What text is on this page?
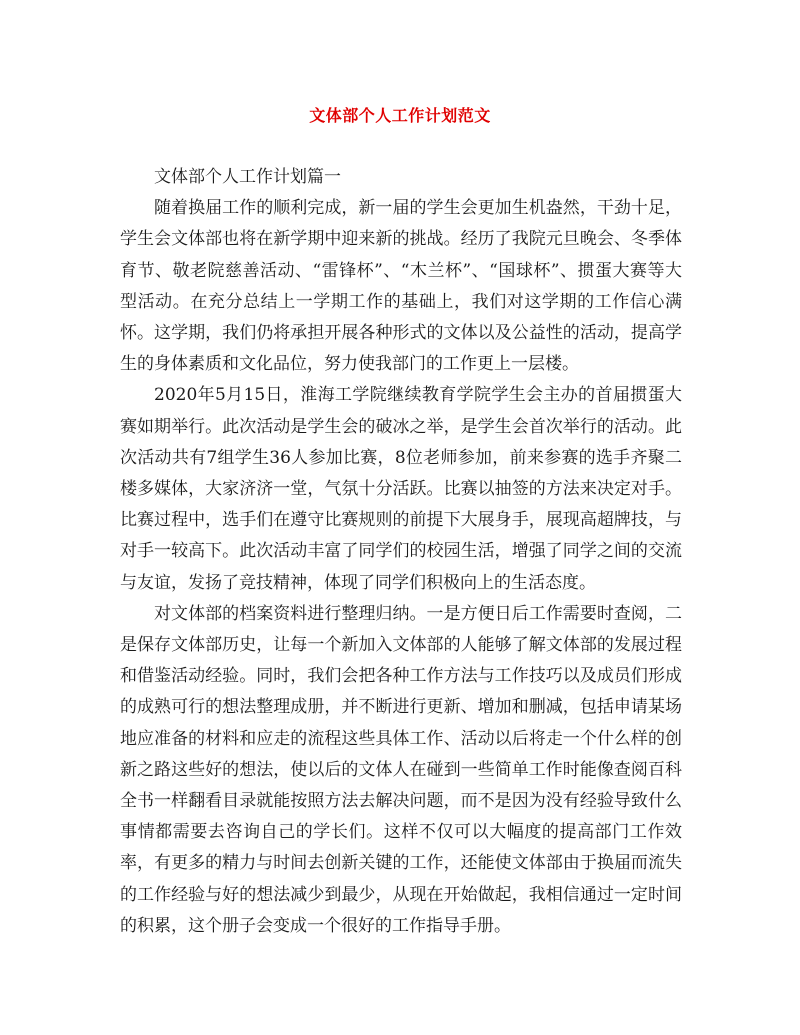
文体部个人工作计划范文

文体部个人工作计划篇一

随着换届工作的顺利完成，新一届的学生会更加生机盎然，干劲十足，学生会文体部也将在新学期中迎来新的挑战。经历了我院元旦晚会、冬季体育节、敬老院慈善活动、“雷锋杯”、“木兰杯”、“国球杯”、掼蛋大赛等大型活动。在充分总结上一学期工作的基础上，我们对这学期的工作信心满怀。这学期，我们仍将承担开展各种形式的文体以及公益性的活动，提高学生的身体素质和文化品位，努力使我部门的工作更上一层楼。

2020年5月15日，淮海工学院继续教育学院学生会主办的首届掼蛋大赛如期举行。此次活动是学生会的破冰之举，是学生会首次举行的活动。此次活动共有7组学生36人参加比赛，8位老师参加，前来参赛的选手齐聚二楼多媒体，大家济济一堂，气氛十分活跃。比赛以抽签的方法来决定对手。比赛过程中，选手们在遵守比赛规则的前提下大展身手，展现高超牌技，与对手一较高下。此次活动丰富了同学们的校园生活，增强了同学之间的交流与友谊，发扬了竞技精神，体现了同学们积极向上的生活态度。

对文体部的档案资料进行整理归纳。一是方便日后工作需要时查阅，二是保存文体部历史，让每一个新加入文体部的人能够了解文体部的发展过程和借鉴活动经验。同时，我们会把各种工作方法与工作技巧以及成员们形成的成熟可行的想法整理成册，并不断进行更新、增加和删减，包括申请某场地应准备的材料和应走的流程这些具体工作、活动以后将走一个什么样的创新之路这些好的想法，使以后的文体人在碰到一些简单工作时能像查阅百科全书一样翻看目录就能按照方法去解决问题，而不是因为没有经验导致什么事情都需要去咨询自己的学长们。这样不仅可以大幅度的提高部门工作效率，有更多的精力与时间去创新关键的工作，还能使文体部由于换届而流失的工作经验与好的想法减少到最少，从现在开始做起，我相信通过一定时间的积累，这个册子会变成一个很好的工作指导手册。
